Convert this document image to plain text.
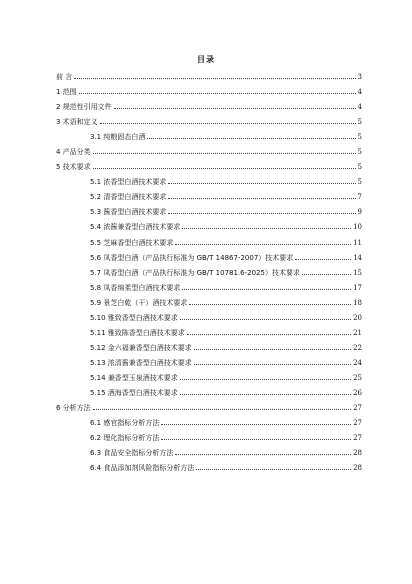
目录
前 言	3
1 范围	4
2 规范性引用文件	4
3 术语和定义	5
3.1 纯粮固态白酒	5
4 产品分类	5
5 技术要求	5
5.1 浓香型白酒技术要求	5
5.2 清香型白酒技术要求	7
5.3 酱香型白酒技术要求	9
5.4 浓酱兼香型白酒技术要求	10
5.5 芝麻香型白酒技术要求	11
5.6 凤香型白酒（产品执行标准为 GB/T 14867-2007）技术要求	14
5.7 凤香型白酒（产品执行标准为 GB/T 10781.6-2025）技术要求	15
5.8 凤香绵柔型白酒技术要求	17
5.9 景芝白乾（干）酒技术要求	18
5.10 雅致香型白酒技术要求	20
5.11 雅致陈香型白酒技术要求	21
5.12 金六福兼香型白酒技术要求	22
5.13 浓清酱兼香型白酒技术要求	24
5.14 兼香型玉泉酒技术要求	25
5.15 酒海香型白酒技术要求	26
6 分析方法	27
6.1 感官指标分析方法	27
6.2 理化指标分析方法	27
6.3 食品安全指标分析方法	28
6.4 食品添加剂风险指标分析方法	28
